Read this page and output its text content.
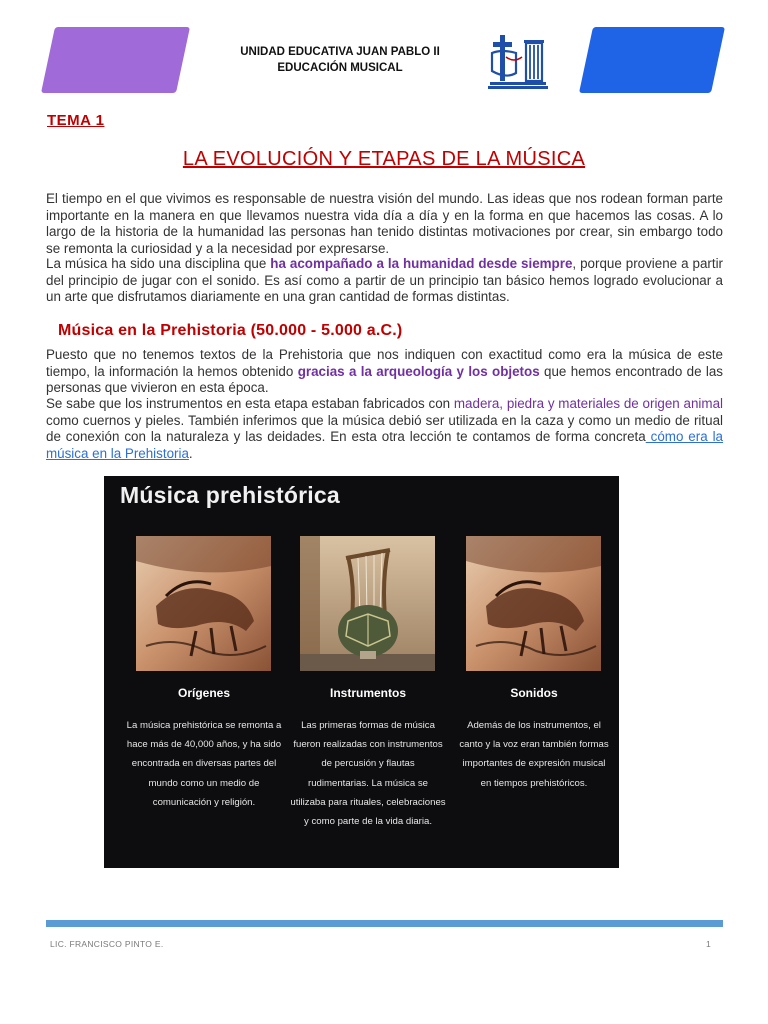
UNIDAD EDUCATIVA JUAN PABLO II
EDUCACIÓN MUSICAL
TEMA 1
LA EVOLUCIÓN Y ETAPAS DE LA MÚSICA

El tiempo en el que vivimos es responsable de nuestra visión del mundo. Las ideas que nos rodean forman parte importante en la manera en que llevamos nuestra vida día a día y en la forma en que hacemos las cosas. A lo largo de la historia de la humanidad las personas han tenido distintas motivaciones por crear, sin embargo todo se remonta la curiosidad y a la necesidad por expresarse.

La música ha sido una disciplina que ha acompañado a la humanidad desde siempre, porque proviene a partir del principio de jugar con el sonido. Es así como a partir de un principio tan básico hemos logrado evolucionar a un arte que disfrutamos diariamente en una gran cantidad de formas distintas.

Música en la Prehistoria (50.000 - 5.000 a.C.)

Puesto que no tenemos textos de la Prehistoria que nos indiquen con exactitud como era la música de este tiempo, la información la hemos obtenido gracias a la arqueología y los objetos que hemos encontrado de las personas que vivieron en esta época.

Se sabe que los instrumentos en esta etapa estaban fabricados con madera, piedra y materiales de origen animal como cuernos y pieles. También inferimos que la música debió ser utilizada en la caza y como un medio de ritual de conexión con la naturaleza y las deidades. En esta otra lección te contamos de forma concreta cómo era la música en la Prehistoria.

Música prehistórica
Orígenes
La música prehistórica se remonta a hace más de 40,000 años, y ha sido encontrada en diversas partes del mundo como un medio de comunicación y religión.
Instrumentos
Las primeras formas de música fueron realizadas con instrumentos de percusión y flautas rudimentarias. La música se utilizaba para rituales, celebraciones y como parte de la vida diaria.
Sonidos
Además de los instrumentos, el canto y la voz eran también formas importantes de expresión musical en tiempos prehistóricos.
LIC. FRANCISCO PINTO E.	1
